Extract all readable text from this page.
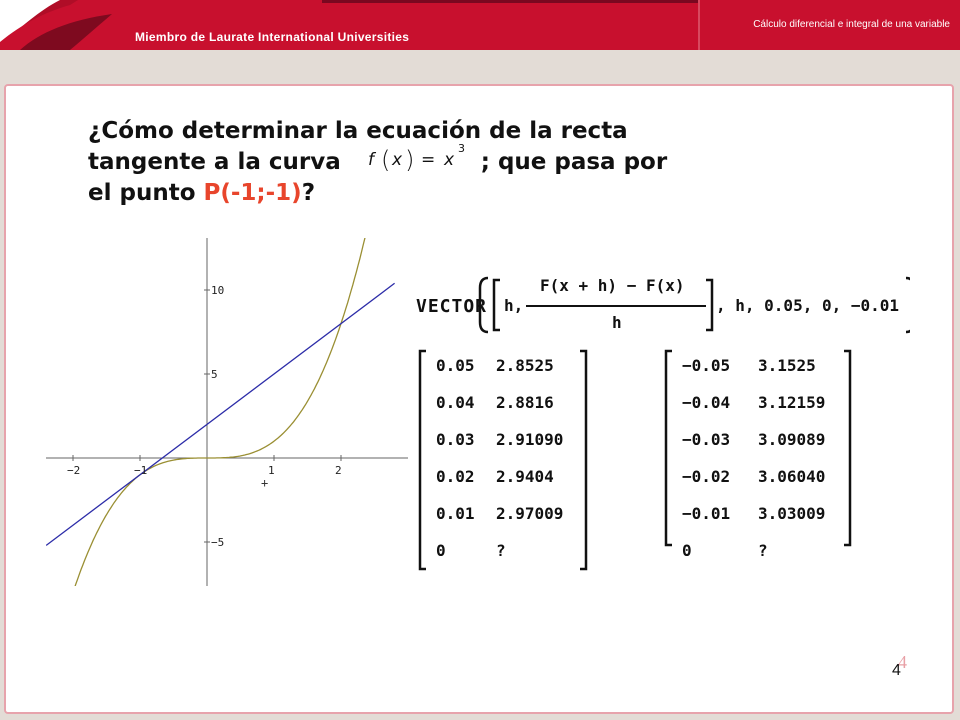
Miembro de Laurate International Universities
Cálculo diferencial e integral de una variable
¿Cómo determinar la ecuación de la recta
tangente a la curva	; que pasa por
el punto P(-1;-1)?
f ( x ) = x
3
−2	−1	1	2
10
5
−5
+
VECTOR h,
F(x + h) − F(x)
h
, h, 0.05, 0, −0.01
0.05 2.8525
0.04 2.8816
0.03 2.91090
0.02 2.9404
0.01 2.97009
0	?
−0.05 3.1525
−0.04 3.12159
−0.03 3.09089
−0.02 3.06040
−0.01 3.03009
0	?
4
4
